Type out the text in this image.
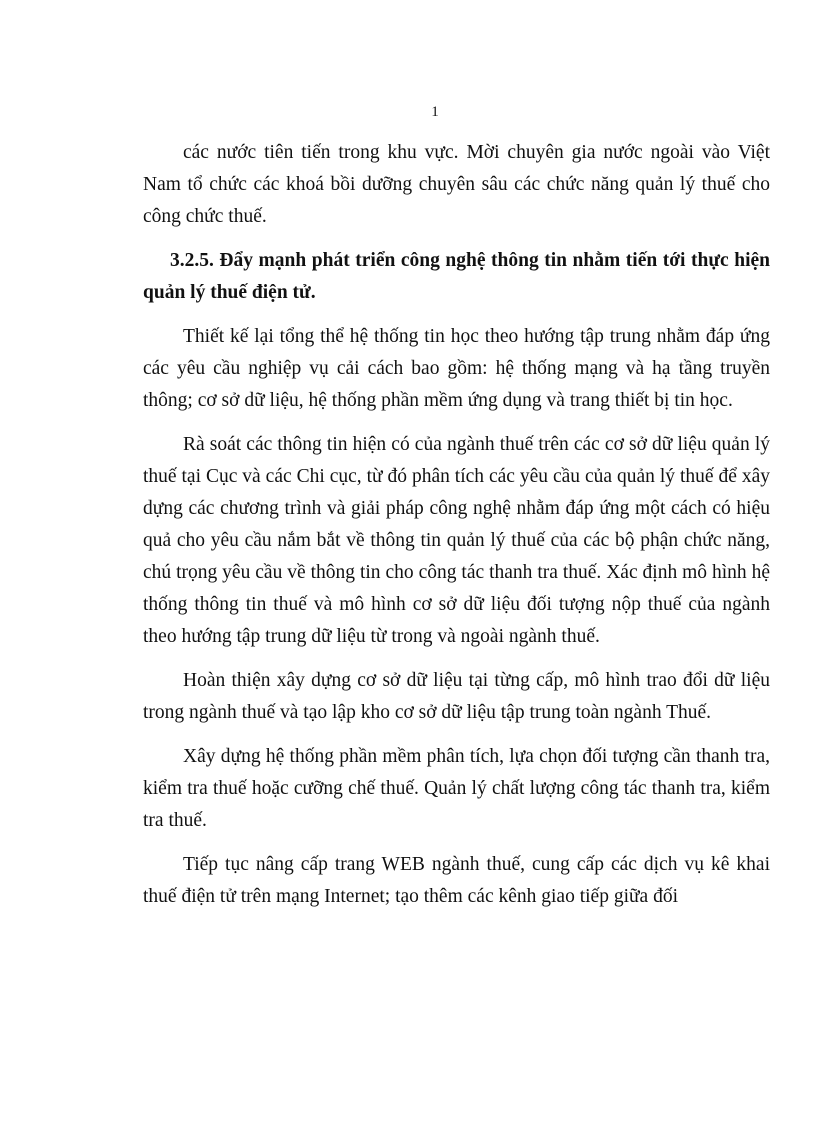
1

các nước tiên tiến trong khu vực. Mời chuyên gia nước ngoài vào Việt Nam tổ chức các khoá bồi dưỡng chuyên sâu các chức năng quản lý thuế cho công chức thuế.

3.2.5. Đẩy mạnh phát triển công nghệ thông tin nhằm tiến tới thực hiện quản lý thuế điện tử.

Thiết kế lại tổng thể hệ thống tin học theo hướng tập trung nhằm đáp ứng các yêu cầu nghiệp vụ cải cách bao gồm: hệ thống mạng và hạ tầng truyền thông; cơ sở dữ liệu, hệ thống phần mềm ứng dụng và trang thiết bị tin học.

Rà soát các thông tin hiện có của ngành thuế trên các cơ sở dữ liệu quản lý thuế tại Cục và các Chi cục, từ đó phân tích các yêu cầu của quản lý thuế để xây dựng các chương trình và giải pháp công nghệ nhằm đáp ứng một cách có hiệu quả cho yêu cầu nắm bắt về thông tin quản lý thuế của các bộ phận chức năng, chú trọng yêu cầu về thông tin cho công tác thanh tra thuế. Xác định mô hình hệ thống thông tin thuế và mô hình cơ sở dữ liệu đối tượng nộp thuế của ngành theo hướng tập trung dữ liệu từ trong và ngoài ngành thuế.

Hoàn thiện xây dựng cơ sở dữ liệu tại từng cấp, mô hình trao đổi dữ liệu trong ngành thuế và tạo lập kho cơ sở dữ liệu tập trung toàn ngành Thuế.

Xây dựng hệ thống phần mềm phân tích, lựa chọn đối tượng cần thanh tra, kiểm tra thuế hoặc cưỡng chế thuế. Quản lý chất lượng công tác thanh tra, kiểm tra thuế.

Tiếp tục nâng cấp trang WEB ngành thuế, cung cấp các dịch vụ kê khai thuế điện tử trên mạng Internet; tạo thêm các kênh giao tiếp giữa đối
